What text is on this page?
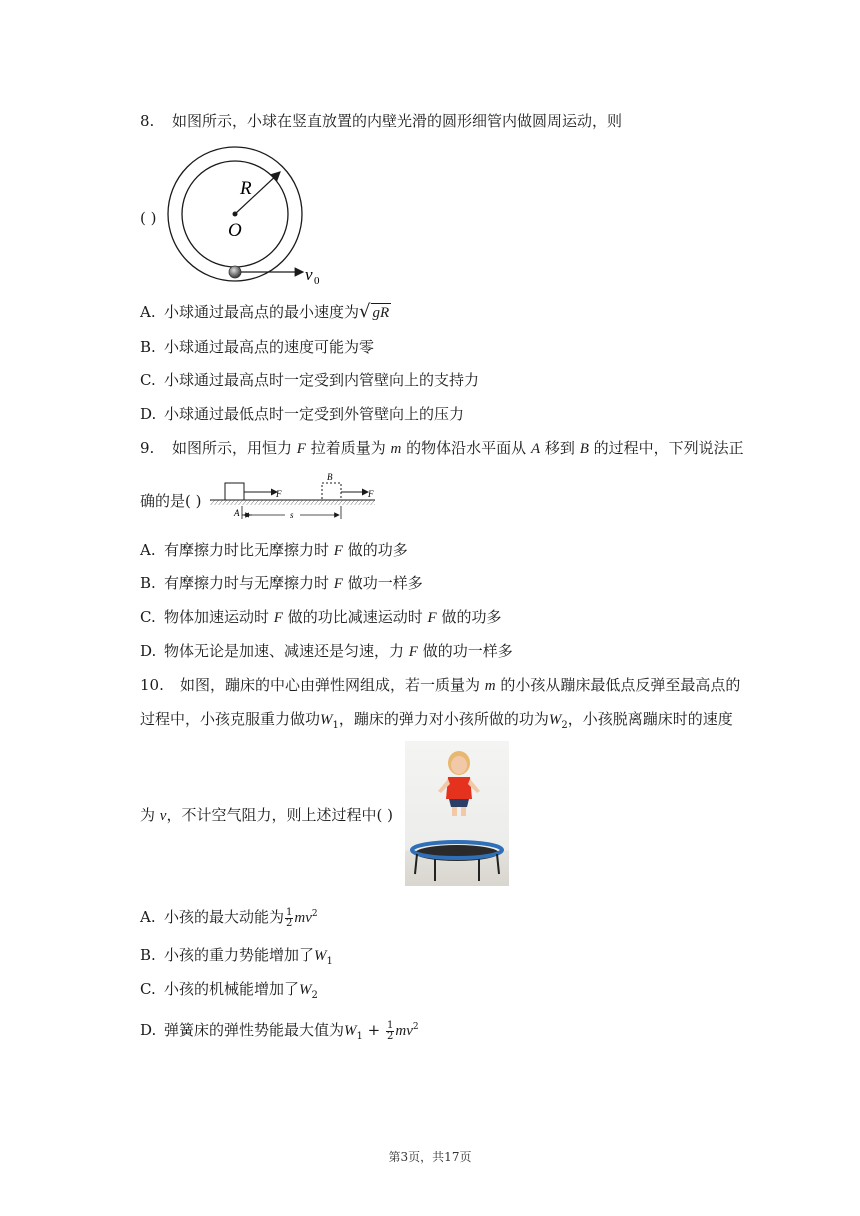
8. 如图所示，小球在竖直放置的内壁光滑的圆形细管内做圆周运动，则
( )
R
O
v 0
A. 小球通过最高点的最小速度为√ gR
B. 小球通过最高点的速度可能为零
C. 小球通过最高点时一定受到内管壁向上的支持力
D. 小球通过最低点时一定受到外管壁向上的压力
9. 如图所示，用恒力 F 拉着质量为 m 的物体沿水平面从 A 移到 B 的过程中，下列说法正
确的是( )	F
B
F
A	s
A. 有摩擦力时比无摩擦力时 F 做的功多
B. 有摩擦力时与无摩擦力时 F 做功一样多
C. 物体加速运动时 F 做的功比减速运动时 F 做的功多
D. 物体无论是加速、减速还是匀速，力 F 做的功一样多
10. 如图，蹦床的中心由弹性网组成，若一质量为 m 的小孩从蹦床最低点反弹至最高点的
过程中，小孩克服重力做功$W_1$，蹦床的弹力对小孩所做的功为$W_2$，小孩脱离蹦床时的速度
为 v，不计空气阻力，则上述过程中( )
A. 小孩的最大动能为 $\frac{1}{2} mv^2$
B. 小孩的重力势能增加了$W_1$
C. 小孩的机械能增加了$W_2$
D. 弹簧床的弹性势能最大值为$W_1 + \frac{1}{2} mv^2$
第3页，共17页
